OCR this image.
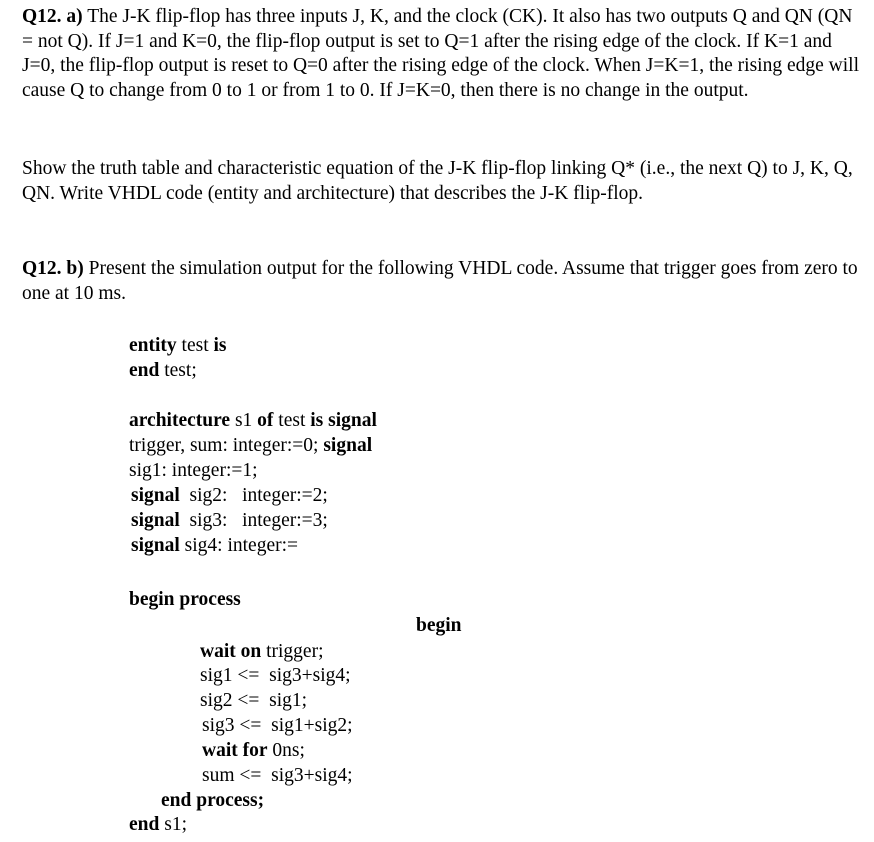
Q12. a) The J-K flip-flop has three inputs J, K, and the clock (CK). It also has two outputs Q and QN (QN = not Q). If J=1 and K=0, the flip-flop output is set to Q=1 after the rising edge of the clock. If K=1 and J=0, the flip-flop output is reset to Q=0 after the rising edge of the clock. When J=K=1, the rising edge will cause Q to change from 0 to 1 or from 1 to 0. If J=K=0, then there is no change in the output.

Show the truth table and characteristic equation of the J-K flip-flop linking Q* (i.e., the next Q) to J, K, Q, QN. Write VHDL code (entity and architecture) that describes the J-K flip-flop.

Q12. b) Present the simulation output for the following VHDL code. Assume that trigger goes from zero to one at 10 ms.

entity test is
end test;
architecture s1 of test is signal
trigger, sum: integer:=0; signal
sig1: integer:=1;
signal  sig2:   integer:=2;
signal  sig3:   integer:=3;
signal sig4: integer:=
begin process
begin
wait on trigger;
sig1 <=  sig3+sig4;
sig2 <=  sig1;
sig3 <=  sig1+sig2;
wait for 0ns;
sum <=  sig3+sig4;
end process;
end s1;
